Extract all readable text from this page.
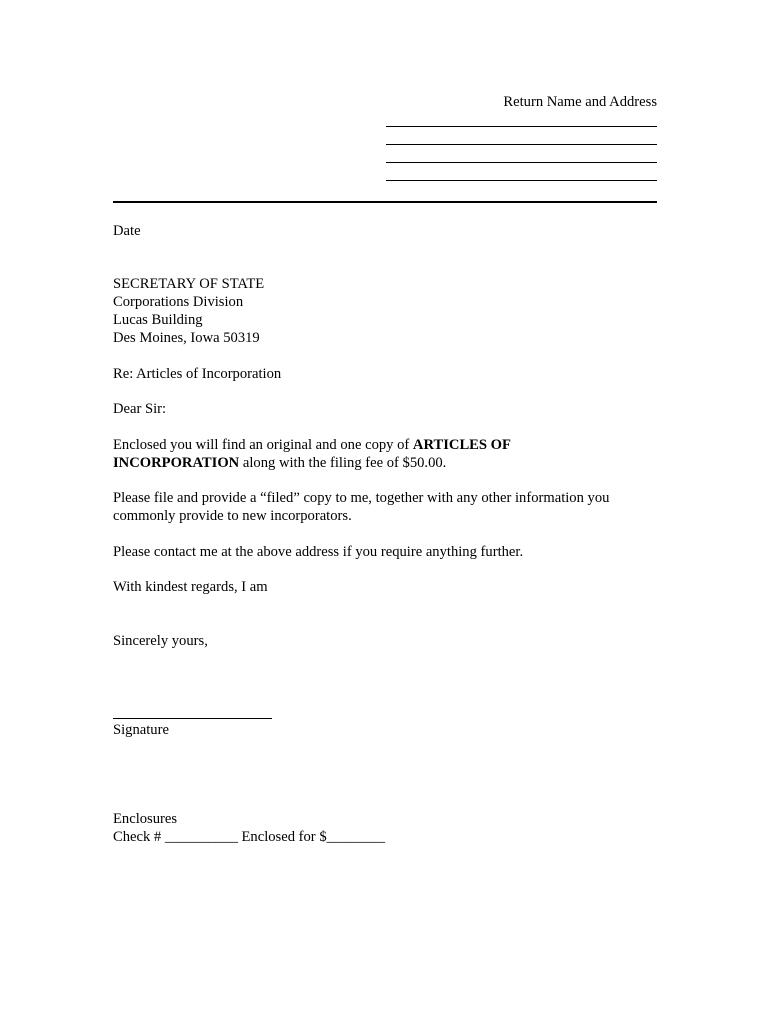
Return Name and Address
Date
SECRETARY OF STATE
Corporations Division
Lucas Building
Des Moines, Iowa 50319
Re: Articles of Incorporation
Dear Sir:
Enclosed you will find an original and one copy of ARTICLES OF
INCORPORATION along with the filing fee of $50.00.
Please file and provide a “filed” copy to me, together with any other information you
commonly provide to new incorporators.
Please contact me at the above address if you require anything further.
With kindest regards, I am
Sincerely yours,
Signature
Enclosures
Check # __________ Enclosed for $________
